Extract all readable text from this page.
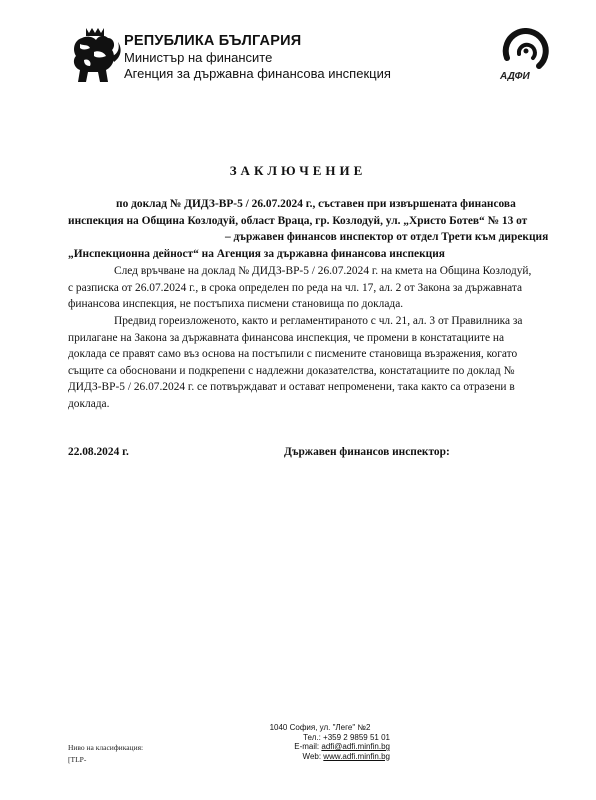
РЕПУБЛИКА БЪЛГАРИЯ
Министър на финансите
Агенция за държавна финансова инспекция	АДФИ
ЗАКЛЮЧЕНИЕ
по доклад № ДИДЗ-ВР-5 / 26.07.2024 г., съставен при извършената финансова
инспекция на Община Козлодуй, област Враца, гр. Козлодуй, ул. „Христо Ботев“ № 13 от
– държавен финансов инспектор от отдел Трети към дирекция
„Инспекционна дейност“ на Агенция за държавна финансова инспекция
След връчване на доклад № ДИДЗ-ВР-5 / 26.07.2024 г. на кмета на Община Козлодуй,
с разписка от 26.07.2024 г., в срока определен по реда на чл. 17, ал. 2 от Закона за държавната
финансова инспекция, не постъпиха писмени становища по доклада.
Предвид гореизложеното, както и регламентираното с чл. 21, ал. 3 от Правилника за
прилагане на Закона за държавната финансова инспекция, че промени в констатациите на
доклада се правят само въз основа на постъпили с писмените становища възражения, когато
същите са обосновани и подкрепени с надлежни доказателства, констатациите по доклад №
ДИДЗ-ВР-5 / 26.07.2024 г. се потвърждават и остават непроменени, така както са отразени в
доклада.
22.08.2024 г.	Държавен финансов инспектор:
Ниво на класификация:
[TLP-
1040 София, ул. "Леге" №2
Тел.: +359 2 9859 51 01
E-mail: adfi@adfi.minfin.bg
Web: www.adfi.minfin.bg
